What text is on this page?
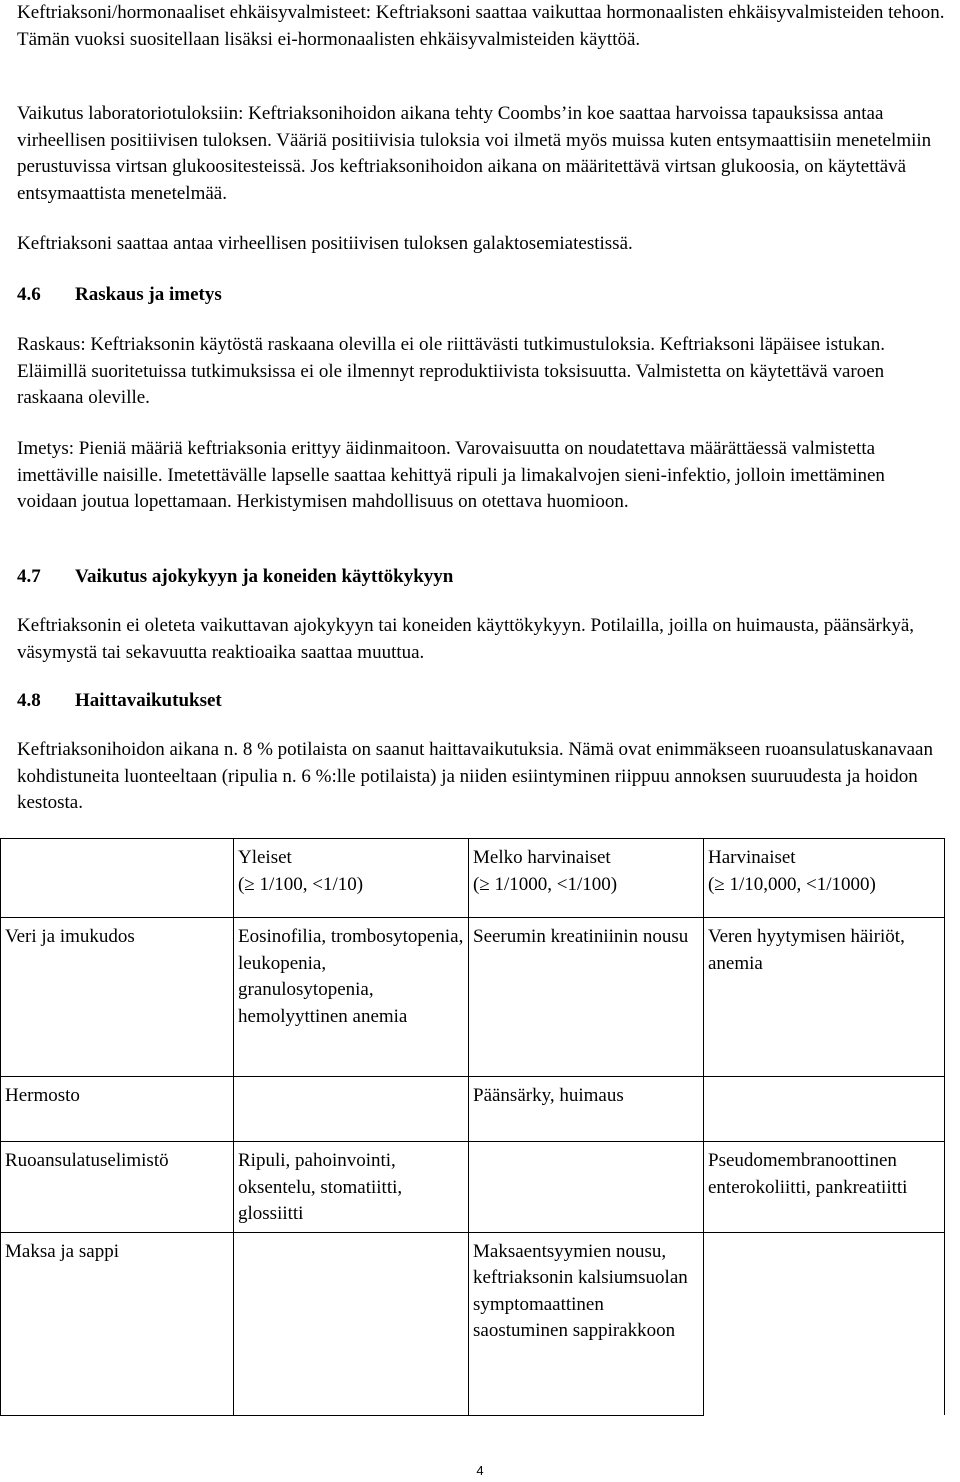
Keftriaksoni/hormonaaliset ehkäisyvalmisteet: Keftriaksoni saattaa vaikuttaa hormonaalisten ehkäisyvalmisteiden tehoon. Tämän vuoksi suositellaan lisäksi ei-hormonaalisten ehkäisyvalmisteiden käyttöä.

Vaikutus laboratoriotuloksiin: Keftriaksonihoidon aikana tehty Coombs’in koe saattaa harvoissa tapauksissa antaa virheellisen positiivisen tuloksen. Vääriä positiivisia tuloksia voi ilmetä myös muissa kuten entsymaattisiin menetelmiin perustuvissa virtsan glukoositesteissä. Jos keftriaksonihoidon aikana on määritettävä virtsan glukoosia, on käytettävä entsymaattista menetelmää.

Keftriaksoni saattaa antaa virheellisen positiivisen tuloksen galaktosemiatestissä.

4.6 Raskaus ja imetys

Raskaus: Keftriaksonin käytöstä raskaana olevilla ei ole riittävästi tutkimustuloksia. Keftriaksoni läpäisee istukan. Eläimillä suoritetuissa tutkimuksissa ei ole ilmennyt reproduktiivista toksisuutta. Valmistetta on käytettävä varoen raskaana oleville.

Imetys: Pieniä määriä keftriaksonia erittyy äidinmaitoon. Varovaisuutta on noudatettava määrättäessä valmistetta imettäville naisille. Imetettävälle lapselle saattaa kehittyä ripuli ja limakalvojen sieni-infektio, jolloin imettäminen voidaan joutua lopettamaan. Herkistymisen mahdollisuus on otettava huomioon.

4.7 Vaikutus ajokykyyn ja koneiden käyttökykyyn

Keftriaksonin ei oleteta vaikuttavan ajokykyyn tai koneiden käyttökykyyn. Potilailla, joilla on huimausta, päänsärkyä, väsymystä tai sekavuutta reaktioaika saattaa muuttua.

4.8 Haittavaikutukset

Keftriaksonihoidon aikana n. 8 % potilaista on saanut haittavaikutuksia. Nämä ovat enimmäkseen ruoansulatuskanavaan kohdistuneita luonteeltaan (ripulia n. 6 %:lle potilaista) ja niiden esiintyminen riippuu annoksen suuruudesta ja hoidon kestosta.

	Yleiset
(≥ 1/100, <1/10)	Melko harvinaiset
(≥ 1/1000, <1/100)	Harvinaiset
(≥ 1/10,000, <1/1000)

Veri ja imukudos	Eosinofilia, trombosytopenia, leukopenia, granulosytopenia, hemolyyttinen anemia	Seerumin kreatiniinin nousu	Veren hyytymisen häiriöt, anemia
Hermosto		Päänsärky, huimaus	
Ruoansulatuselimistö	Ripuli, pahoinvointi, oksentelu, stomatiitti, glossiitti		Pseudomembranoottinen enterokoliitti, pankreatiitti
Maksa ja sappi		Maksaentsyymien nousu, keftriaksonin kalsiumsuolan symptomaattinen saostuminen sappirakkoon	
4
